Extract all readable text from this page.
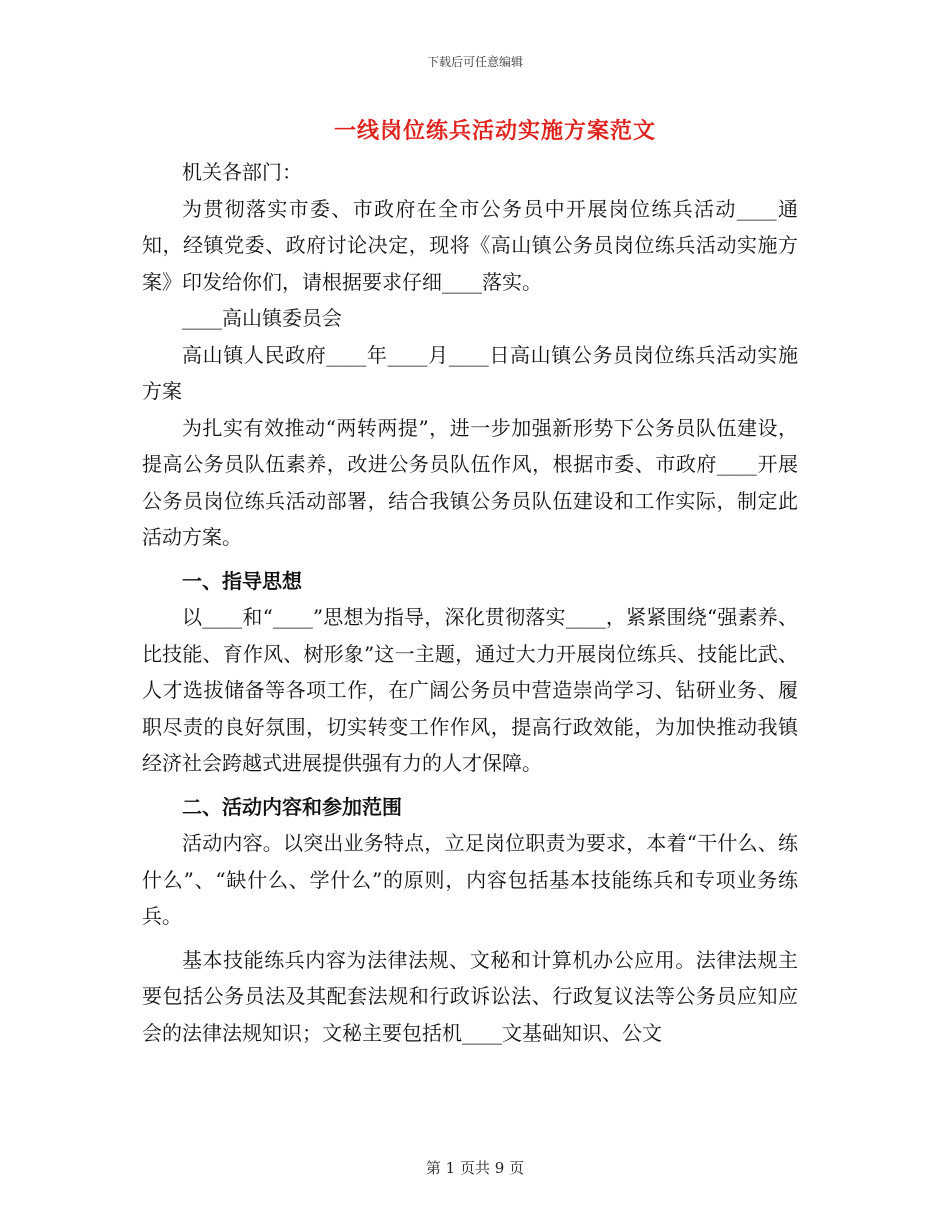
下载后可任意编辑
一线岗位练兵活动实施方案范文

机关各部门：

为贯彻落实市委、市政府在全市公务员中开展岗位练兵活动____通知，经镇党委、政府讨论决定，现将《高山镇公务员岗位练兵活动实施方案》印发给你们，请根据要求仔细____落实。

____高山镇委员会

高山镇人民政府____年____月____日高山镇公务员岗位练兵活动实施方案

为扎实有效推动“两转两提”，进一步加强新形势下公务员队伍建设，提高公务员队伍素养，改进公务员队伍作风，根据市委、市政府____开展公务员岗位练兵活动部署，结合我镇公务员队伍建设和工作实际，制定此活动方案。

一、指导思想

以____和“____”思想为指导，深化贯彻落实____，紧紧围绕“强素养、比技能、育作风、树形象”这一主题，通过大力开展岗位练兵、技能比武、人才选拔储备等各项工作，在广阔公务员中营造崇尚学习、钻研业务、履职尽责的良好氛围，切实转变工作作风，提高行政效能，为加快推动我镇经济社会跨越式进展提供强有力的人才保障。

二、活动内容和参加范围

活动内容。以突出业务特点，立足岗位职责为要求，本着“干什么、练什么”、“缺什么、学什么”的原则，内容包括基本技能练兵和专项业务练兵。

基本技能练兵内容为法律法规、文秘和计算机办公应用。法律法规主要包括公务员法及其配套法规和行政诉讼法、行政复议法等公务员应知应会的法律法规知识；文秘主要包括机____文基础知识、公文

第 1 页共 9 页
